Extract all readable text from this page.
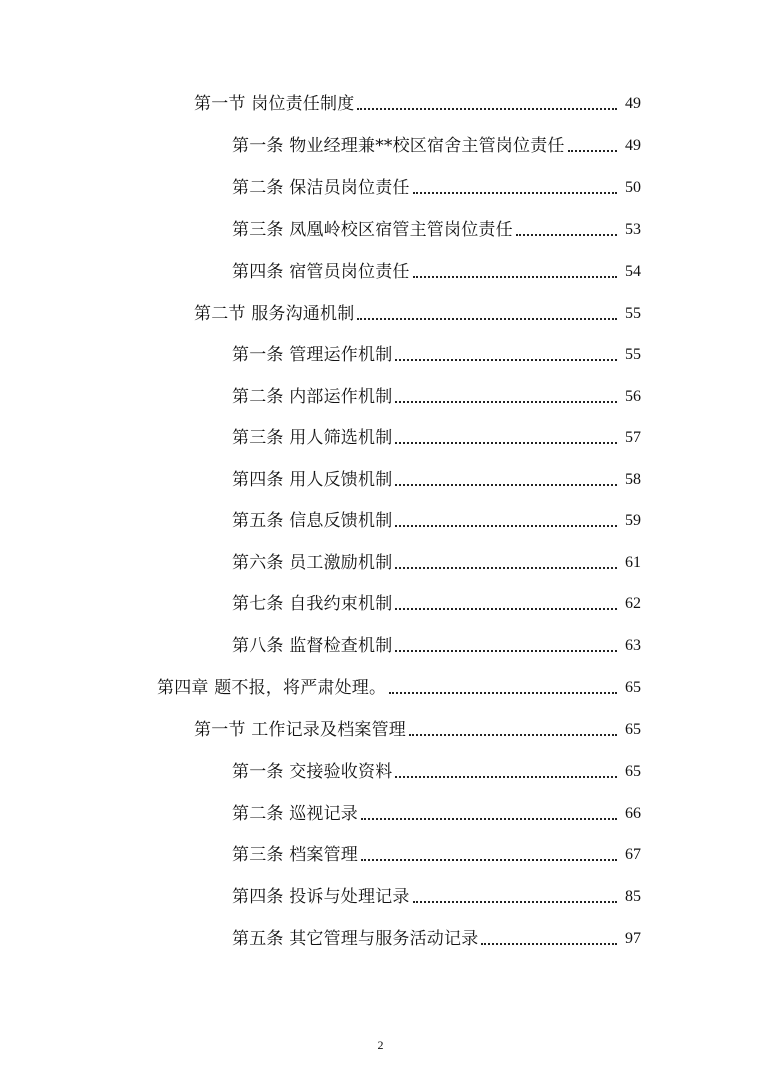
第一节 岗位责任制度	49
第一条 物业经理兼**校区宿舍主管岗位责任	49
第二条 保洁员岗位责任	50
第三条 凤凰岭校区宿管主管岗位责任	53
第四条 宿管员岗位责任	54
第二节 服务沟通机制	55
第一条 管理运作机制	55
第二条 内部运作机制	56
第三条 用人筛选机制	57
第四条 用人反馈机制	58
第五条 信息反馈机制	59
第六条 员工激励机制	61
第七条 自我约束机制	62
第八条 监督检查机制	63
第四章 题不报，将严肃处理。	65
第一节 工作记录及档案管理	65
第一条 交接验收资料	65
第二条 巡视记录	66
第三条 档案管理	67
第四条 投诉与处理记录	85
第五条 其它管理与服务活动记录	97
2
